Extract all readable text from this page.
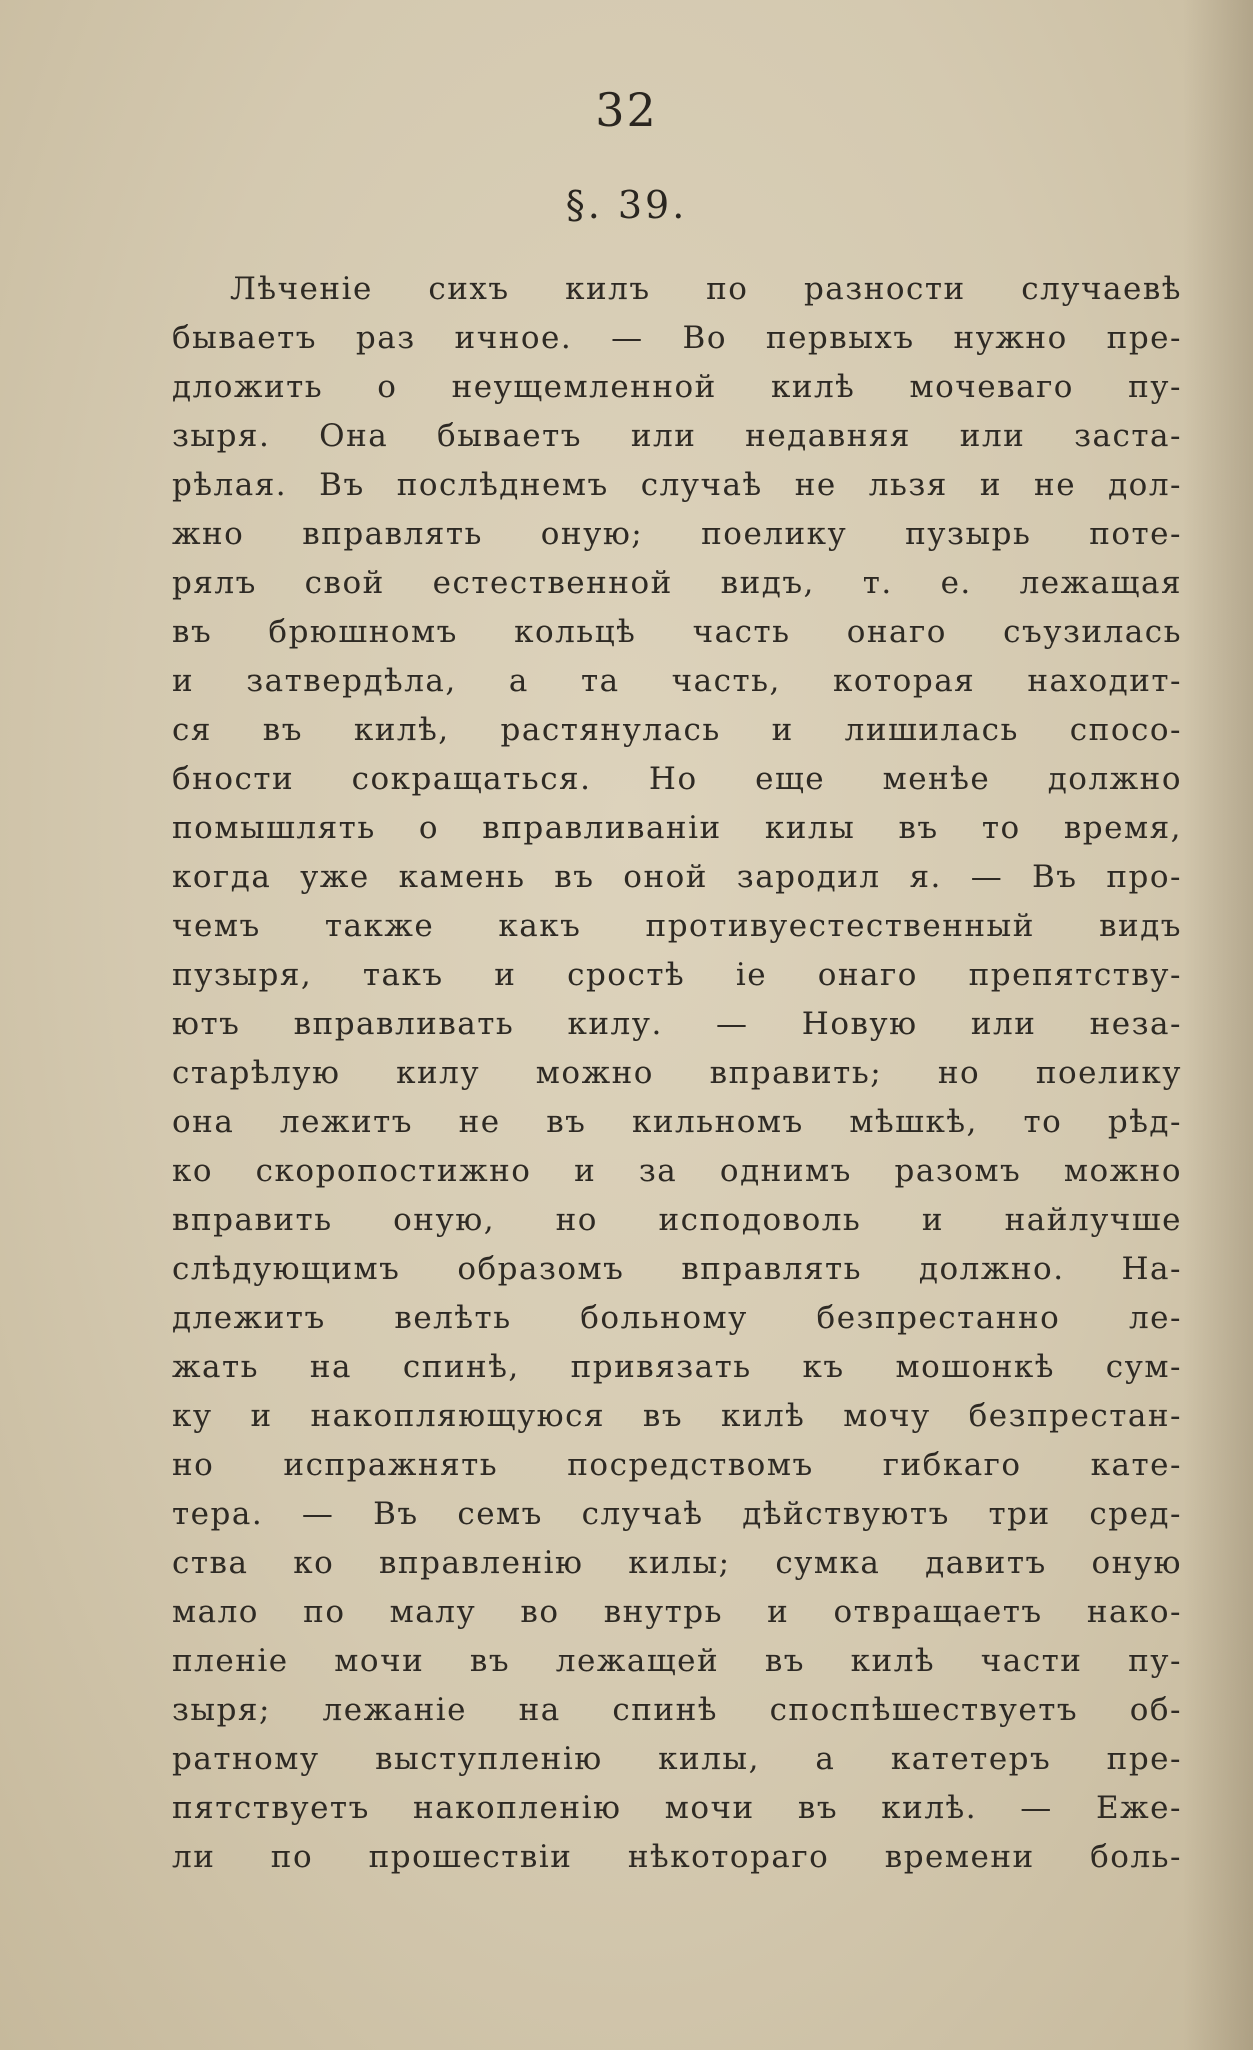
32
§. 39.
Лѣченіе сихъ килъ по разности случаевѣ
бываетъ раз ичное. — Во первыхъ нужно пре-
дложить о неущемленной килѣ мочеваго пу-
зыря. Она бываетъ или недавняя или заста-
рѣлая. Въ послѣднемъ случаѣ не льзя и не дол-
жно вправлять оную; поелику пузырь поте-
рялъ свой естественной видъ, т. е. лежащая
въ брюшномъ кольцѣ часть онаго съузилась
и затвердѣла, а та часть, которая находит-
ся въ килѣ, растянулась и лишилась спосо-
бности сокращаться. Но еще менѣе должно
помышлять о вправливаніи килы въ то время,
когда уже камень въ оной зародил я. — Въ про-
чемъ также какъ противуестественный видъ
пузыря, такъ и сростѣ іе онаго препятству-
ютъ вправливать килу. — Новую или неза-
старѣлую килу можно вправить; но поелику
она лежитъ не въ кильномъ мѣшкѣ, то рѣд-
ко скоропостижно и за однимъ разомъ можно
вправить оную, но исподоволь и найлучше
слѣдующимъ образомъ вправлять должно. На-
длежитъ велѣть больному безпрестанно ле-
жать на спинѣ, привязать къ мошонкѣ сум-
ку и накопляющуюся въ килѣ мочу безпрестан-
но испражнять посредствомъ гибкаго кате-
тера. — Въ семъ случаѣ дѣйствуютъ три сред-
ства ко вправленію килы; сумка давитъ оную
мало по малу во внутрь и отвращаетъ нако-
пленіе мочи въ лежащей въ килѣ части пу-
зыря; лежаніе на спинѣ споспѣшествуетъ об-
ратному выступленію килы, а катетеръ пре-
пятствуетъ накопленію мочи въ килѣ. — Еже-
ли по прошествіи нѣкотораго времени боль-
